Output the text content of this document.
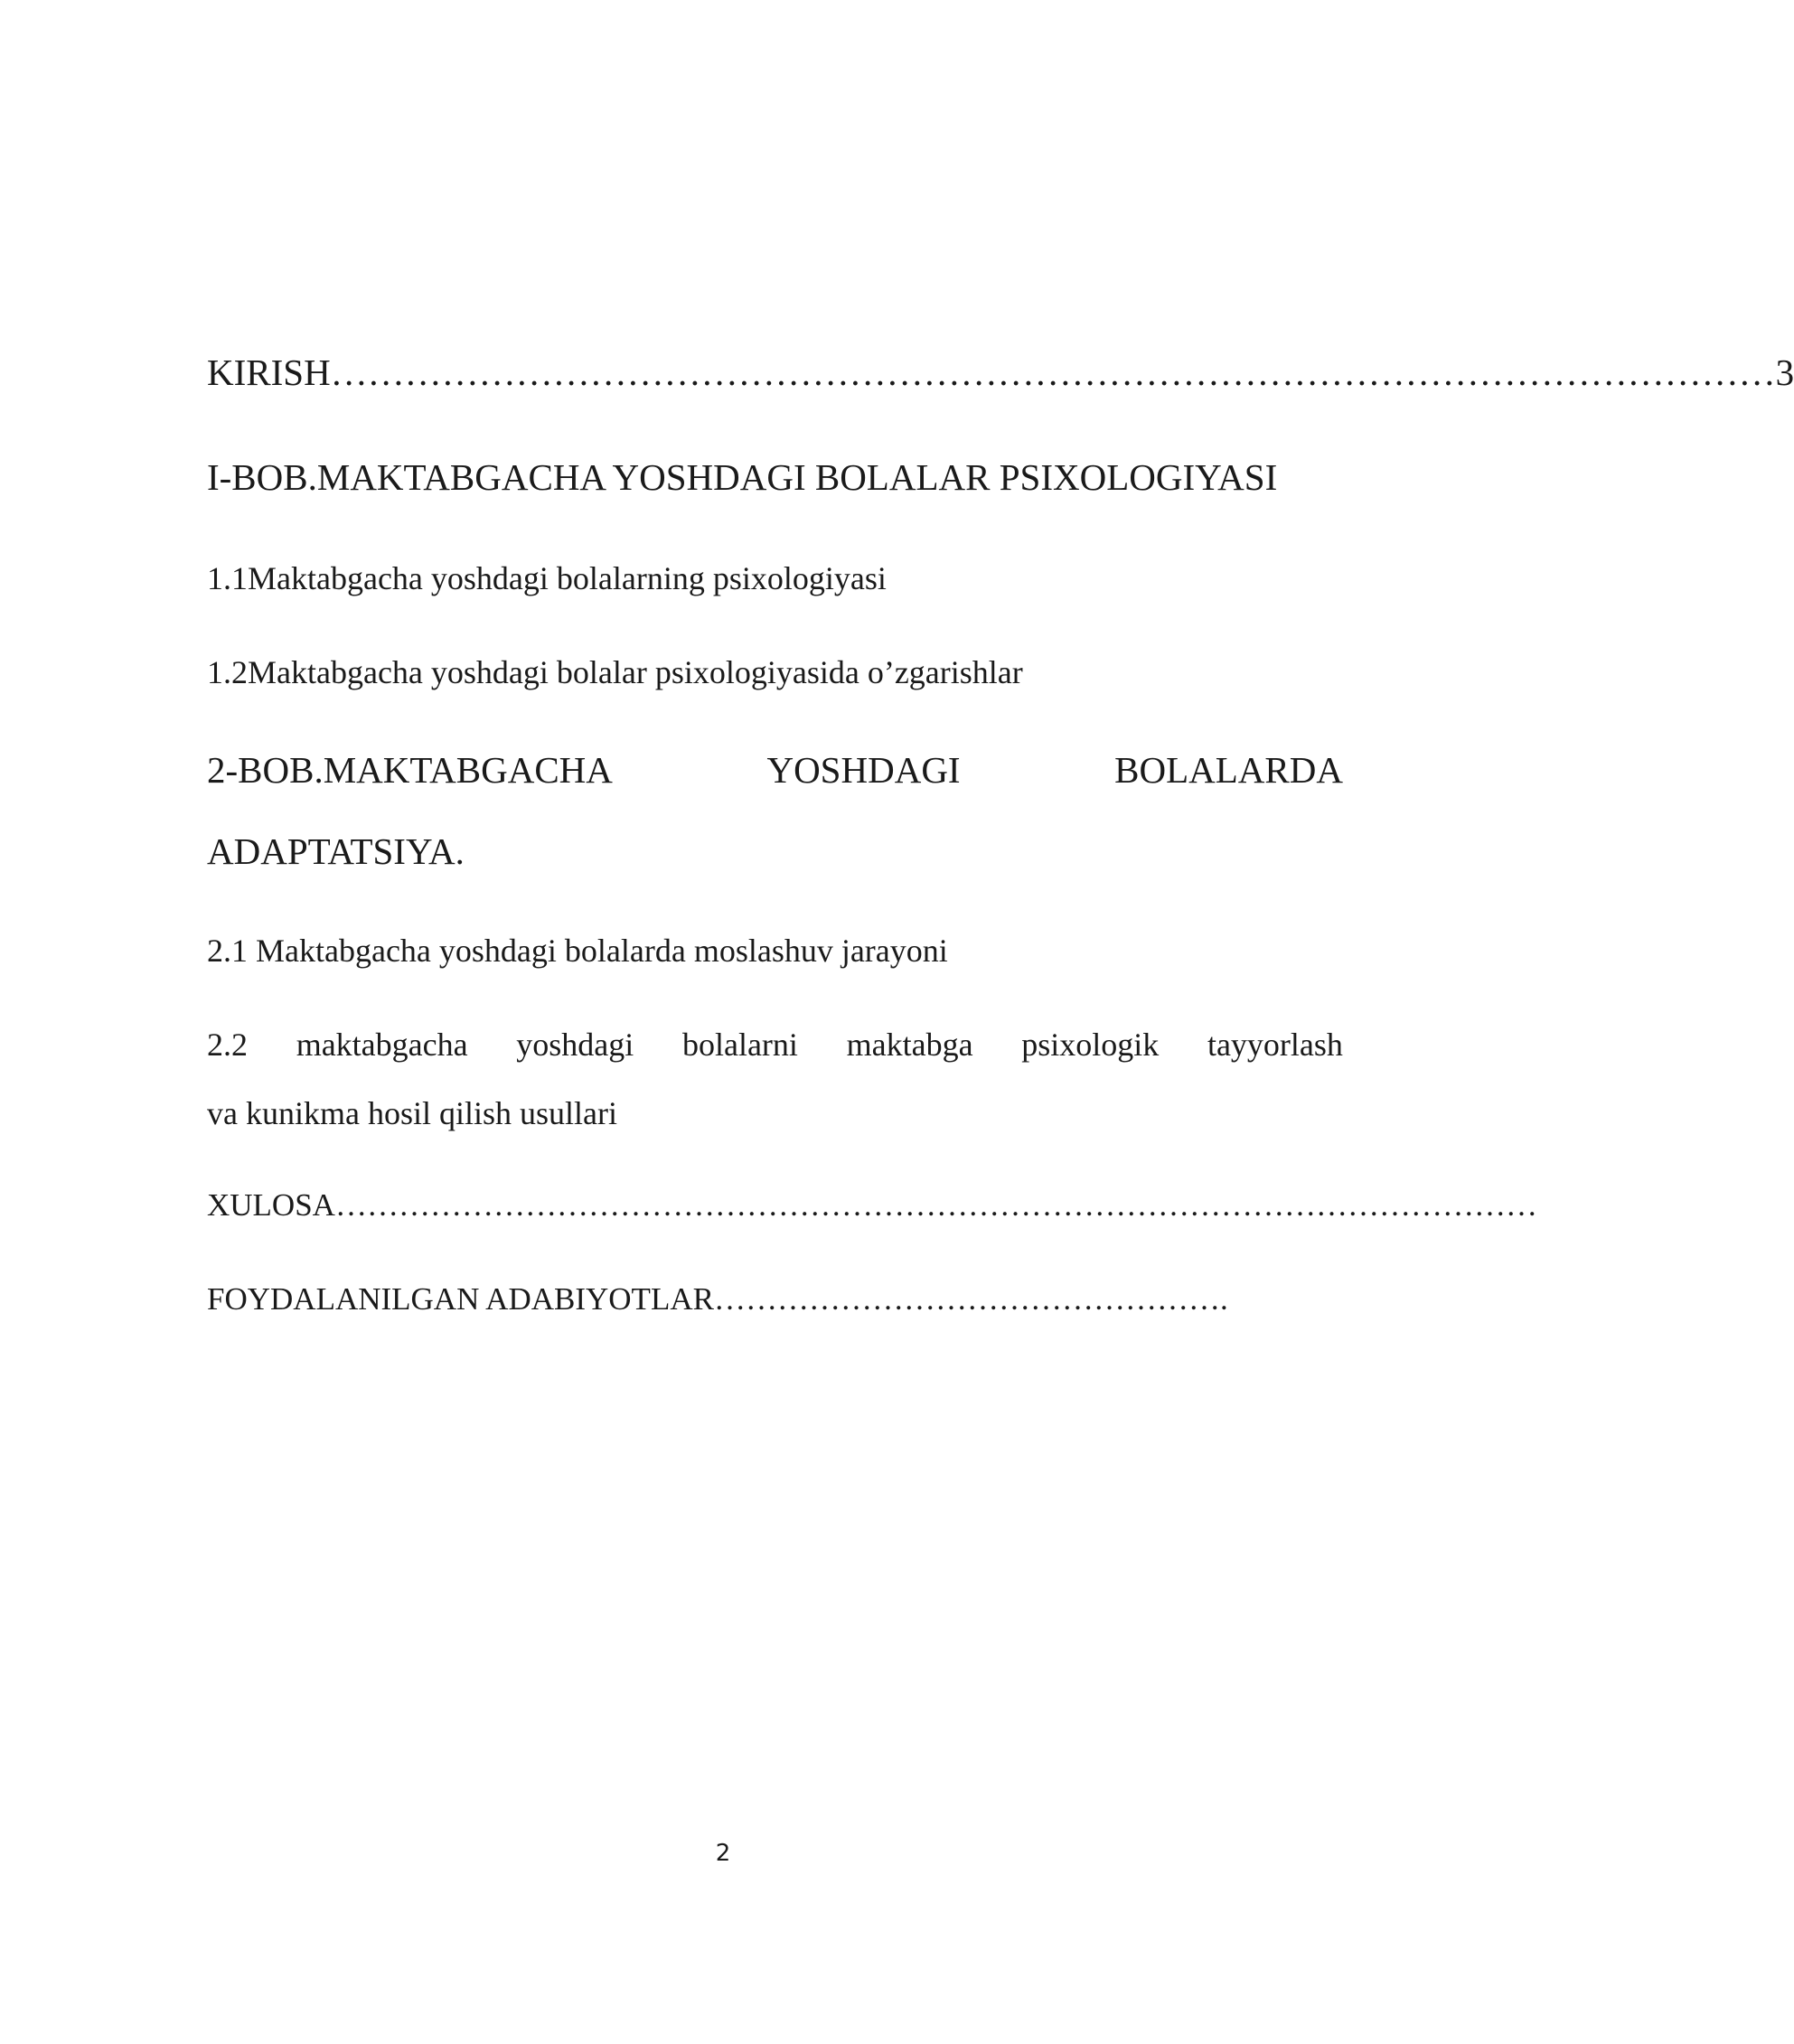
KIRISH………………………………………………………………………………………………………3
I-BOB.MAKTABGACHA YOSHDAGI BOLALAR PSIXOLOGIYASI
1.1Maktabgacha yoshdagi bolalarning psixologiyasi
1.2Maktabgacha yoshdagi bolalar psixologiyasida o’zgarishlar
2-BOB.MAKTABGACHA	YOSHDAGI	BOLALARDA
ADAPTATSIYA.
2.1 Maktabgacha yoshdagi bolalarda moslashuv jarayoni
2.2 maktabgacha yoshdagi bolalarni maktabga psixologik tayyorlash
va kunikma hosil qilish usullari
XULOSA……………………………………………………………………………………………………
FOYDALANILGAN ADABIYOTLAR………………………………………….
2
